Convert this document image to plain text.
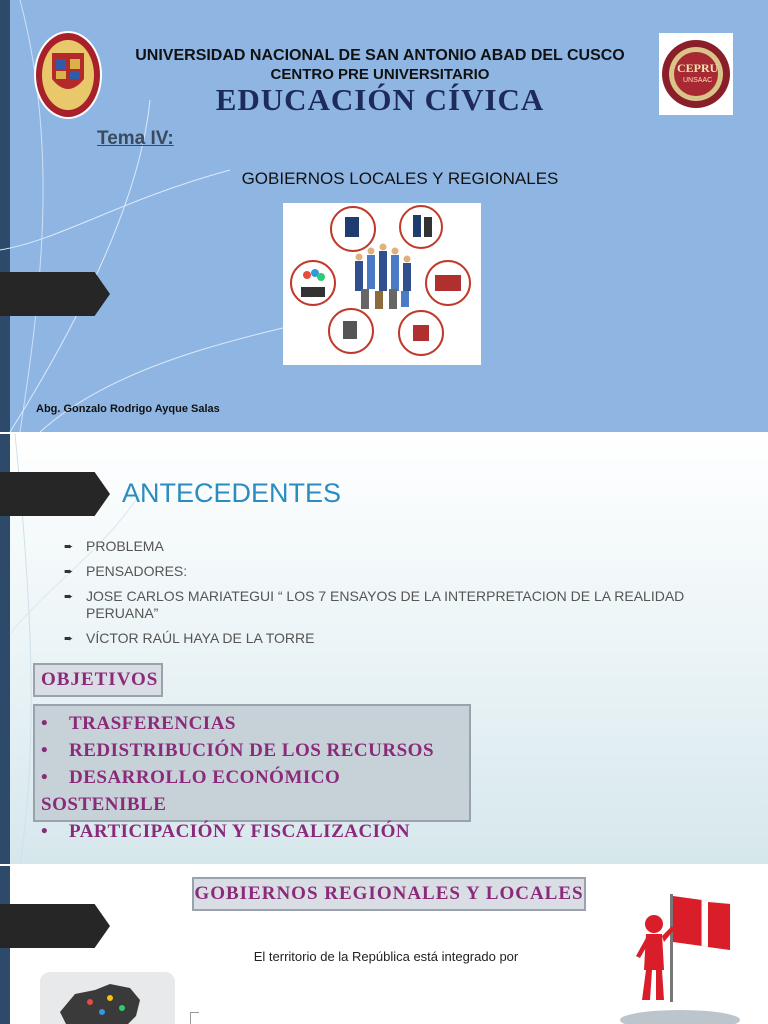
UNIVERSIDAD NACIONAL DE SAN ANTONIO ABAD DEL CUSCO
CENTRO PRE UNIVERSITARIO
EDUCACIÓN CÍVICA
CEPRU
UNSAAC
Tema IV:
GOBIERNOS LOCALES Y REGIONALES
Abg. Gonzalo Rodrigo Ayque Salas
ANTECEDENTES
➨ PROBLEMA
➨ PENSADORES:
➨ JOSE CARLOS MARIATEGUI “ LOS 7 ENSAYOS DE LA INTERPRETACION DE LA REALIDAD PERUANA”
➨ VÍCTOR RAÚL HAYA DE LA TORRE
OBJETIVOS
• TRASFERENCIAS
• REDISTRIBUCIÓN DE LOS RECURSOS
• DESARROLLO ECONÓMICO SOSTENIBLE
• PARTICIPACIÓN Y FISCALIZACIÓN
GOBIERNOS REGIONALES Y LOCALES
El territorio de la República está integrado por
